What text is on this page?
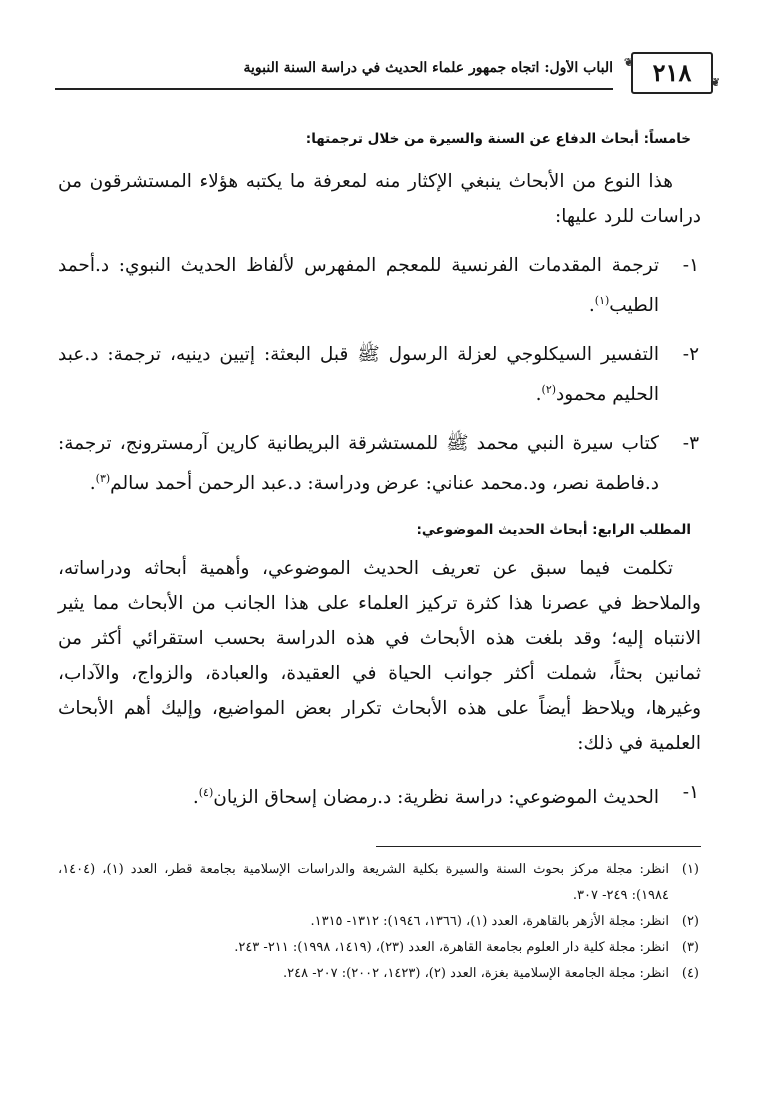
❦ ٢١٨ ❦
الباب الأول: اتجاه جمهور علماء الحديث في دراسة السنة النبوية
خامساً: أبحاث الدفاع عن السنة والسيرة من خلال ترجمتها:

هذا النوع من الأبحاث ينبغي الإكثار منه لمعرفة ما يكتبه هؤلاء المستشرقون من دراسات للرد عليها:

١-
ترجمة المقدمات الفرنسية للمعجم المفهرس لألفاظ الحديث النبوي: د.أحمد الطيب$^{(١)}$.
٢-
التفسير السيكلوجي لعزلة الرسول ﷺ قبل البعثة: إتيين دينيه، ترجمة: د.عبد الحليم محمود$^{(٢)}$.
٣-
كتاب سيرة النبي محمد ﷺ للمستشرقة البريطانية كارين آرمسترونج، ترجمة: د.فاطمة نصر، ود.محمد عناني: عرض ودراسة: د.عبد الرحمن أحمد سالم$^{(٣)}$.
المطلب الرابع: أبحاث الحديث الموضوعي:

تكلمت فيما سبق عن تعريف الحديث الموضوعي، وأهمية أبحاثه ودراساته، والملاحظ في عصرنا هذا كثرة تركيز العلماء على هذا الجانب من الأبحاث مما يثير الانتباه إليه؛ وقد بلغت هذه الأبحاث في هذه الدراسة بحسب استقرائي أكثر من ثمانين بحثاً، شملت أكثر جوانب الحياة في العقيدة، والعبادة، والزواج، والآداب، وغيرها، ويلاحظ أيضاً على هذه الأبحاث تكرار بعض المواضيع، وإليك أهم الأبحاث العلمية في ذلك:

١-
الحديث الموضوعي: دراسة نظرية: د.رمضان إسحاق الزيان$^{(٤)}$.
(١)
انظر: مجلة مركز بحوث السنة والسيرة بكلية الشريعة والدراسات الإسلامية بجامعة قطر، العدد (١)، (١٤٠٤، ١٩٨٤): ٢٤٩- ٣٠٧.
(٢)
انظر: مجلة الأزهر بالقاهرة، العدد (١)، (١٣٦٦، ١٩٤٦): ١٣١٢- ١٣١٥.
(٣)
انظر: مجلة كلية دار العلوم بجامعة القاهرة، العدد (٢٣)، (١٤١٩، ١٩٩٨): ٢١١- ٢٤٣.
(٤)
انظر: مجلة الجامعة الإسلامية بغزة، العدد (٢)، (١٤٢٣، ٢٠٠٢): ٢٠٧- ٢٤٨.
